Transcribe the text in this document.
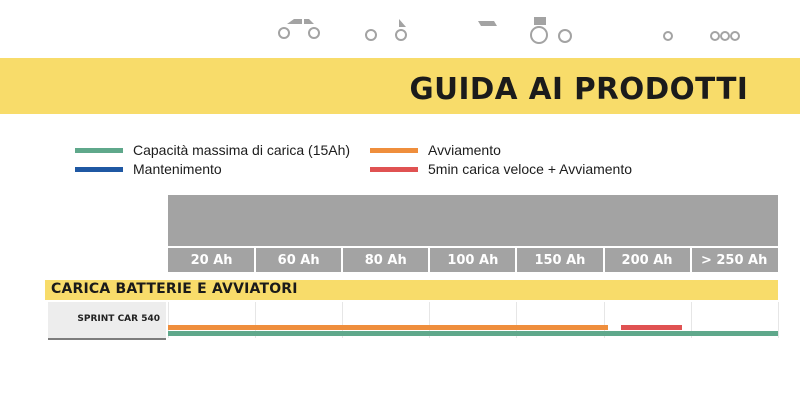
GUIDA AI PRODOTTI
Capacità massima di carica (15Ah)
Mantenimento
Avviamento
5min carica veloce + Avviamento
20 Ah	60 Ah	80 Ah	100 Ah	150 Ah	200 Ah	> 250 Ah
CARICA BATTERIE E AVVIATORI
SPRINT CAR 540
